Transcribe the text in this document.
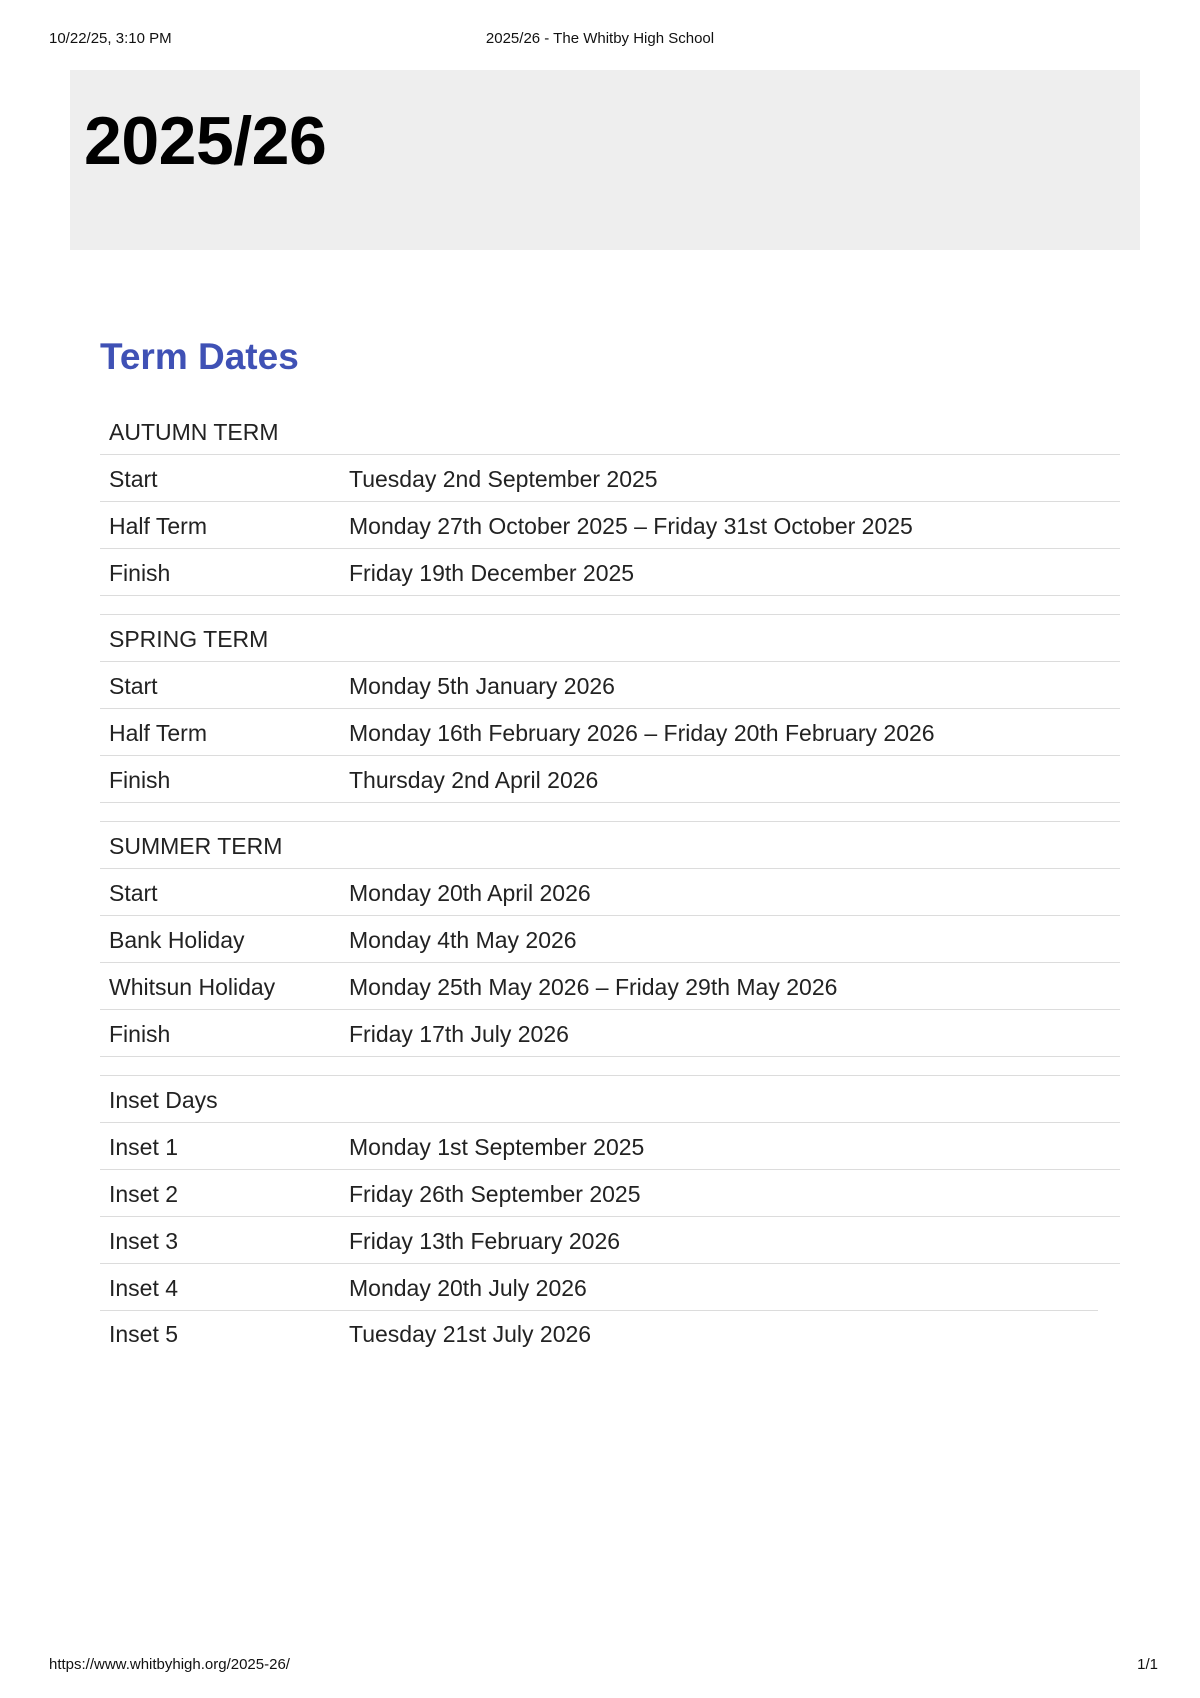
10/22/25, 3:10 PM	2025/26 - The Whitby High School
2025/26
Term Dates
AUTUMN TERM
Start	Tuesday 2nd September 2025
Half Term	Monday 27th October 2025 – Friday 31st October 2025
Finish	Friday 19th December 2025
SPRING TERM
Start	Monday 5th January 2026
Half Term	Monday 16th February 2026 – Friday 20th February 2026
Finish	Thursday 2nd April 2026
SUMMER TERM
Start	Monday 20th April 2026
Bank Holiday	Monday 4th May 2026
Whitsun Holiday	Monday 25th May 2026 – Friday 29th May 2026
Finish	Friday 17th July 2026
Inset Days
Inset 1	Monday 1st September 2025
Inset 2	Friday 26th September 2025
Inset 3	Friday 13th February 2026
Inset 4	Monday 20th July 2026
Inset 5	Tuesday 21st July 2026
https://www.whitbyhigh.org/2025-26/	1/1
